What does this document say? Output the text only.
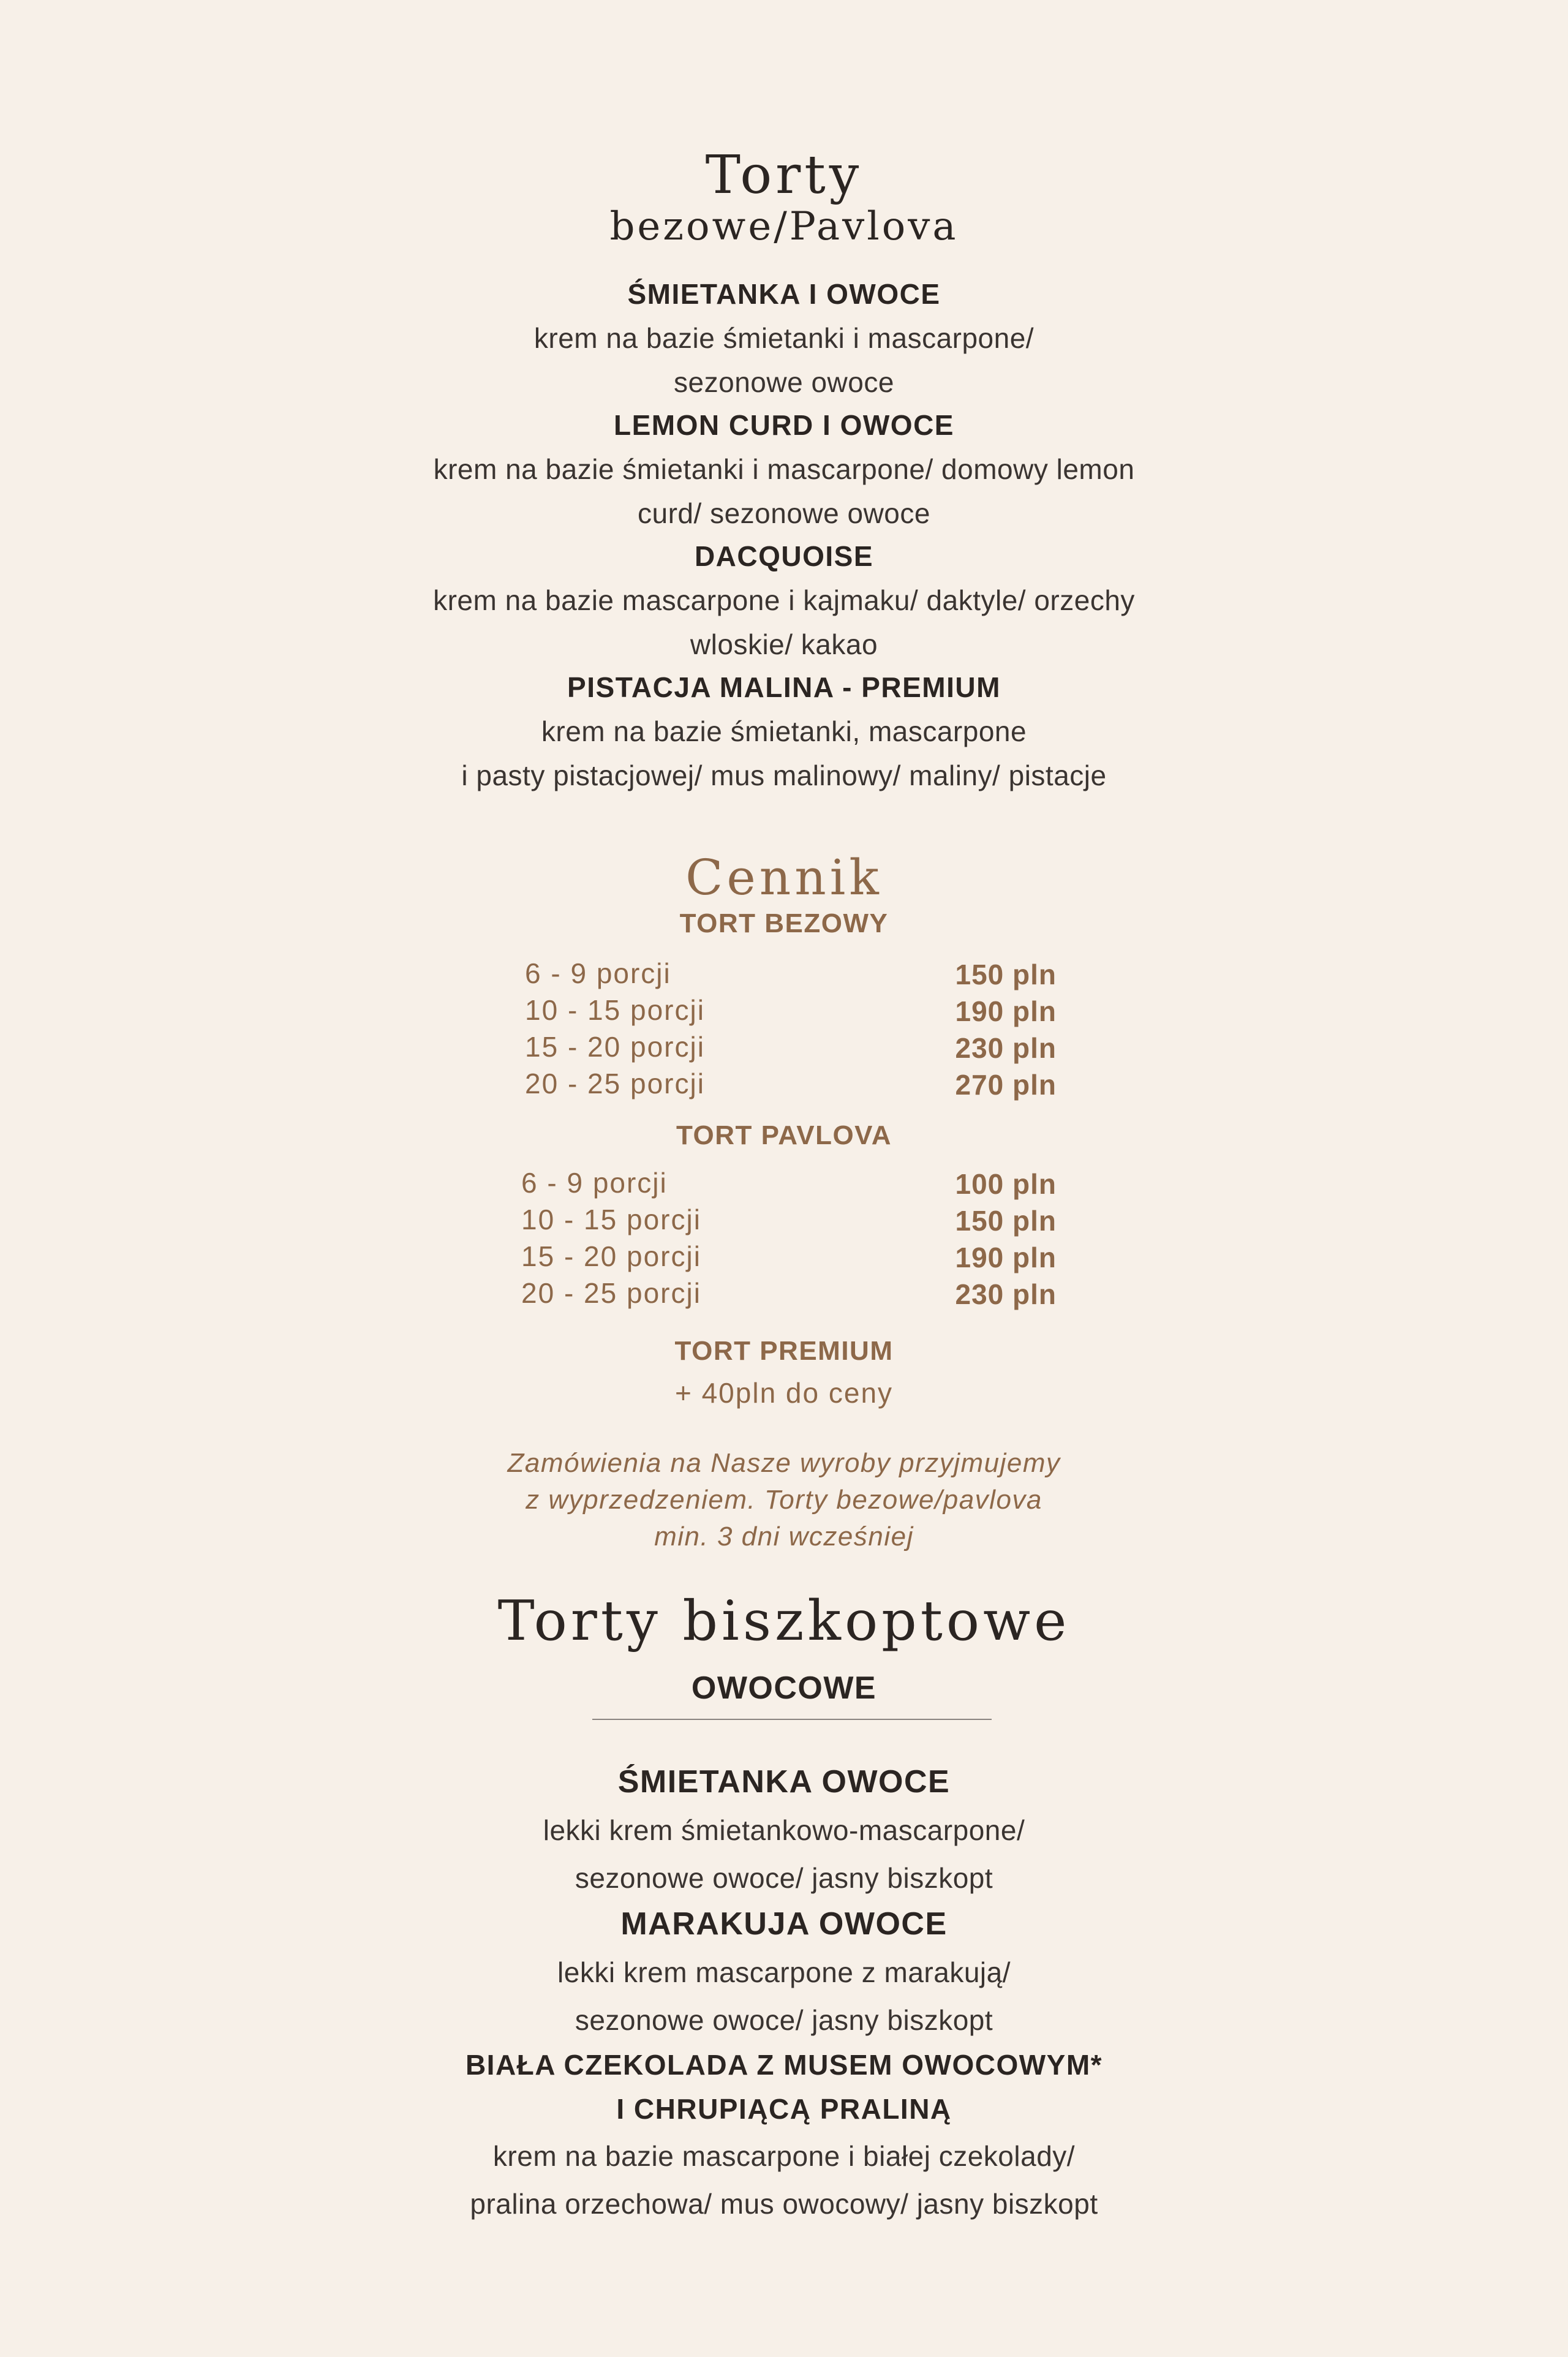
Torty
bezowe/Pavlova
ŚMIETANKA I OWOCE
krem na bazie śmietanki i mascarpone/
sezonowe owoce
LEMON CURD I OWOCE
krem na bazie śmietanki i mascarpone/ domowy lemon
curd/ sezonowe owoce
DACQUOISE
krem na bazie mascarpone i kajmaku/ daktyle/ orzechy
wloskie/ kakao
PISTACJA MALINA - PREMIUM
krem na bazie śmietanki, mascarpone
i pasty pistacjowej/ mus malinowy/ maliny/ pistacje
Cennik
TORT BEZOWY
6 - 9 porcji	150 pln
10 - 15 porcji	190 pln
15 - 20 porcji	230 pln
20 - 25 porcji	270 pln
TORT PAVLOVA
6 - 9 porcji	100 pln
10 - 15 porcji	150 pln
15 - 20 porcji	190 pln
20 - 25 porcji	230 pln
TORT PREMIUM
+ 40pln do ceny
Zamówienia na Nasze wyroby przyjmujemy
z wyprzedzeniem. Torty bezowe/pavlova
min. 3 dni wcześniej
Torty biszkoptowe
OWOCOWE
ŚMIETANKA OWOCE
lekki krem śmietankowo-mascarpone/
sezonowe owoce/ jasny biszkopt
MARAKUJA OWOCE
lekki krem mascarpone z marakują/
sezonowe owoce/ jasny biszkopt
BIAŁA CZEKOLADA Z MUSEM OWOCOWYM*
I CHRUPIĄCĄ PRALINĄ
krem na bazie mascarpone i białej czekolady/
pralina orzechowa/ mus owocowy/ jasny biszkopt
